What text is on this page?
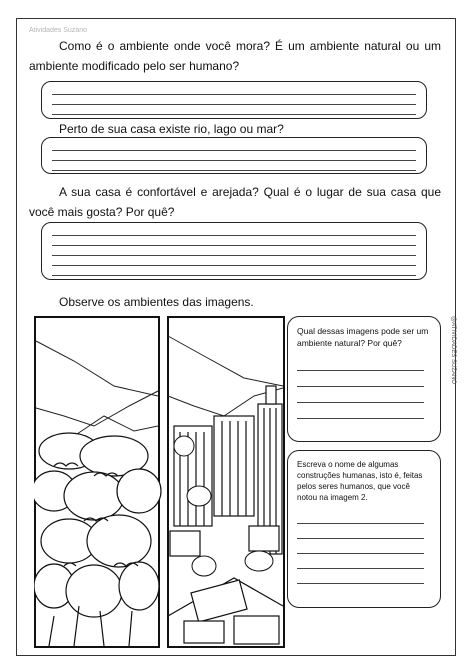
Atividades Suzano

Como é o ambiente onde você mora? É um ambiente natural ou um ambiente modificado pelo ser humano?

Perto de sua casa existe rio, lago ou mar?

A sua casa é confortável e arejada? Qual é o lugar de sua casa que você mais gosta? Por quê?

Observe os ambientes das imagens.

Qual dessas imagens pode ser um ambiente natural? Por quê?

Escreva o nome de algumas construções humanas, isto é, feitas pelos seres humanos, que você notou na imagem 2.

@ATIVIDADES SUZANO
